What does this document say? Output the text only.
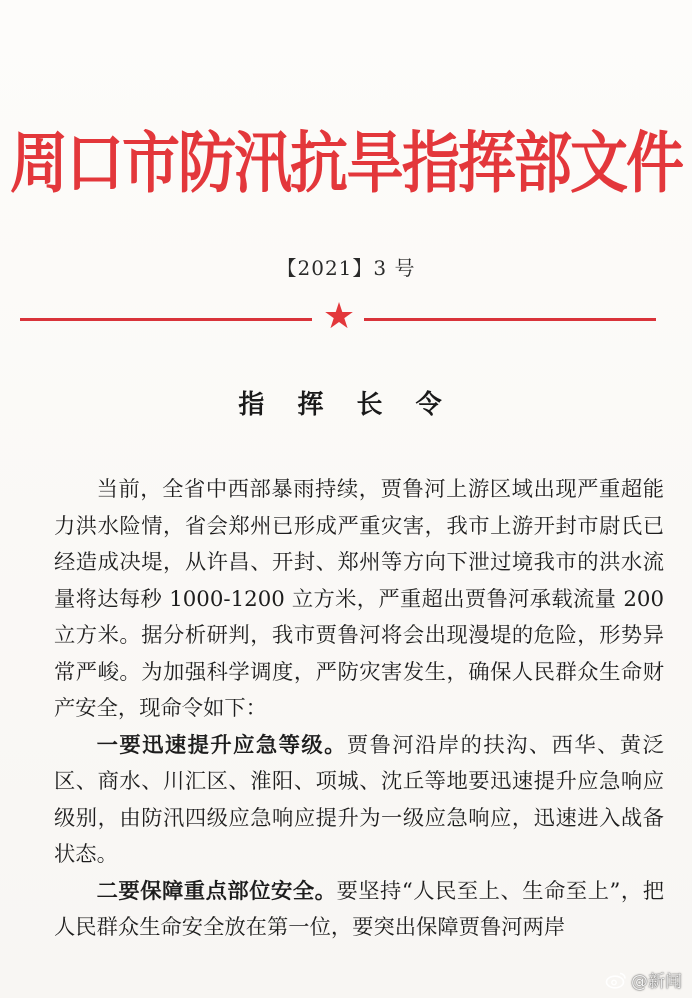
周口市防汛抗旱指挥部文件
【2021】3 号
★
指 挥 长 令

当前，全省中西部暴雨持续，贾鲁河上游区域出现严重超能力洪水险情，省会郑州已形成严重灾害，我市上游开封市尉氏已经造成决堤，从许昌、开封、郑州等方向下泄过境我市的洪水流量将达每秒 1000-1200 立方米，严重超出贾鲁河承载流量 200 立方米。据分析研判，我市贾鲁河将会出现漫堤的危险，形势异常严峻。为加强科学调度，严防灾害发生，确保人民群众生命财产安全，现命令如下：

一要迅速提升应急等级。贾鲁河沿岸的扶沟、西华、黄泛区、商水、川汇区、淮阳、项城、沈丘等地要迅速提升应急响应级别，由防汛四级应急响应提升为一级应急响应，迅速进入战备状态。

二要保障重点部位安全。要坚持“人民至上、生命至上”，把人民群众生命安全放在第一位，要突出保障贾鲁河两岸

@新闻
